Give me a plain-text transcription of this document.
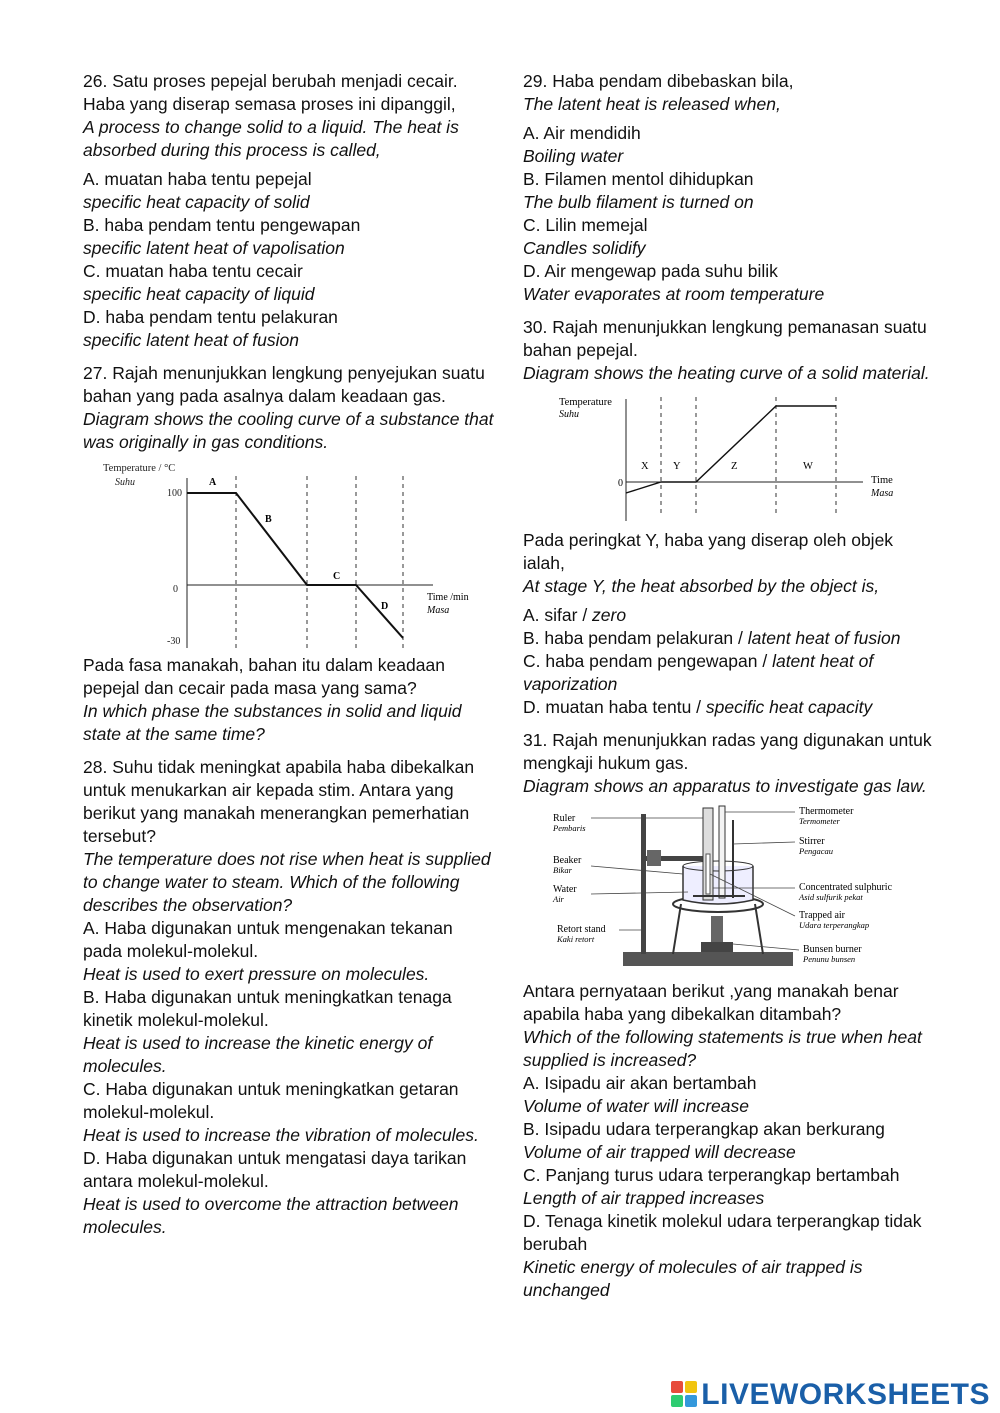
26. Satu proses pepejal berubah menjadi cecair. Haba yang diserap semasa proses ini dipanggil,

A process to change solid to a liquid. The heat is absorbed during this process is called,

A. muatan haba tentu pepejal

specific heat capacity of solid

B. haba pendam tentu pengewapan

specific latent heat of vapolisation

C. muatan haba tentu cecair

specific heat capacity of liquid

D. haba pendam tentu pelakuran

specific latent heat of fusion

27. Rajah menunjukkan lengkung penyejukan suatu bahan yang pada asalnya dalam keadaan gas.

Diagram shows the cooling curve of a substance that was originally in gas conditions.

Temperature / °C
Suhu
100
0
-30
A
B
C
D
Time /min
Masa

Pada fasa manakah, bahan itu dalam keadaan pepejal dan cecair pada masa yang sama?

In which phase the substances in solid and liquid state at the same time?

28. Suhu tidak meningkat apabila haba dibekalkan untuk menukarkan air kepada stim. Antara yang berikut yang manakah menerangkan pemerhatian tersebut?

The temperature does not rise when heat is supplied to change water to steam. Which of the following describes the observation?

A. Haba digunakan untuk mengenakan tekanan pada molekul-molekul.

Heat is used to exert pressure on molecules.

B. Haba digunakan untuk meningkatkan tenaga kinetik molekul-molekul.

Heat is used to increase the kinetic energy of molecules.

C. Haba digunakan untuk meningkatkan getaran molekul-molekul.

Heat is used to increase the vibration of molecules.

D. Haba digunakan untuk mengatasi daya tarikan antara molekul-molekul.

Heat is used to overcome the attraction between molecules.

29. Haba pendam dibebaskan bila,

The latent heat is released when,

A. Air mendidih

Boiling water

B. Filamen mentol dihidupkan

The bulb filament is turned on

C. Lilin memejal

Candles solidify

D. Air mengewap pada suhu bilik

Water evaporates at room temperature

30. Rajah menunjukkan lengkung pemanasan suatu bahan pepejal.

Diagram shows the heating curve of a solid material.

Temperature
Suhu
0
X Y	Z	W
Time
Masa

Pada peringkat Y, haba yang diserap oleh objek ialah,

At stage Y, the heat absorbed by the object is,

A. sifar / zero

B. haba pendam pelakuran / latent heat of fusion

C. haba pendam pengewapan / latent heat of vaporization

D. muatan haba tentu / specific heat capacity

31. Rajah menunjukkan radas yang digunakan untuk mengkaji hukum gas.

Diagram shows an apparatus to investigate gas law.

Ruler
Pembaris
Beaker
Bikar
Water
Air
Retort stand
Kaki retort
Thermometer
Termometer
Stirrer
Pengacau
Concentrated sulphuric
Asid sulfurik pekat
Trapped air
Udara terperangkap
Bunsen burner
Penunu bunsen

Antara pernyataan berikut ,yang manakah benar apabila haba yang dibekalkan ditambah?

Which of the following statements is true when heat supplied is increased?

A. Isipadu air akan bertambah

Volume of water will increase

B. Isipadu udara terperangkap akan berkurang

Volume of air trapped will decrease

C. Panjang turus udara terperangkap bertambah

Length of air trapped increases

D. Tenaga kinetik molekul udara terperangkap tidak berubah

Kinetic energy of molecules of air trapped is unchanged

LIVEWORKSHEETS
